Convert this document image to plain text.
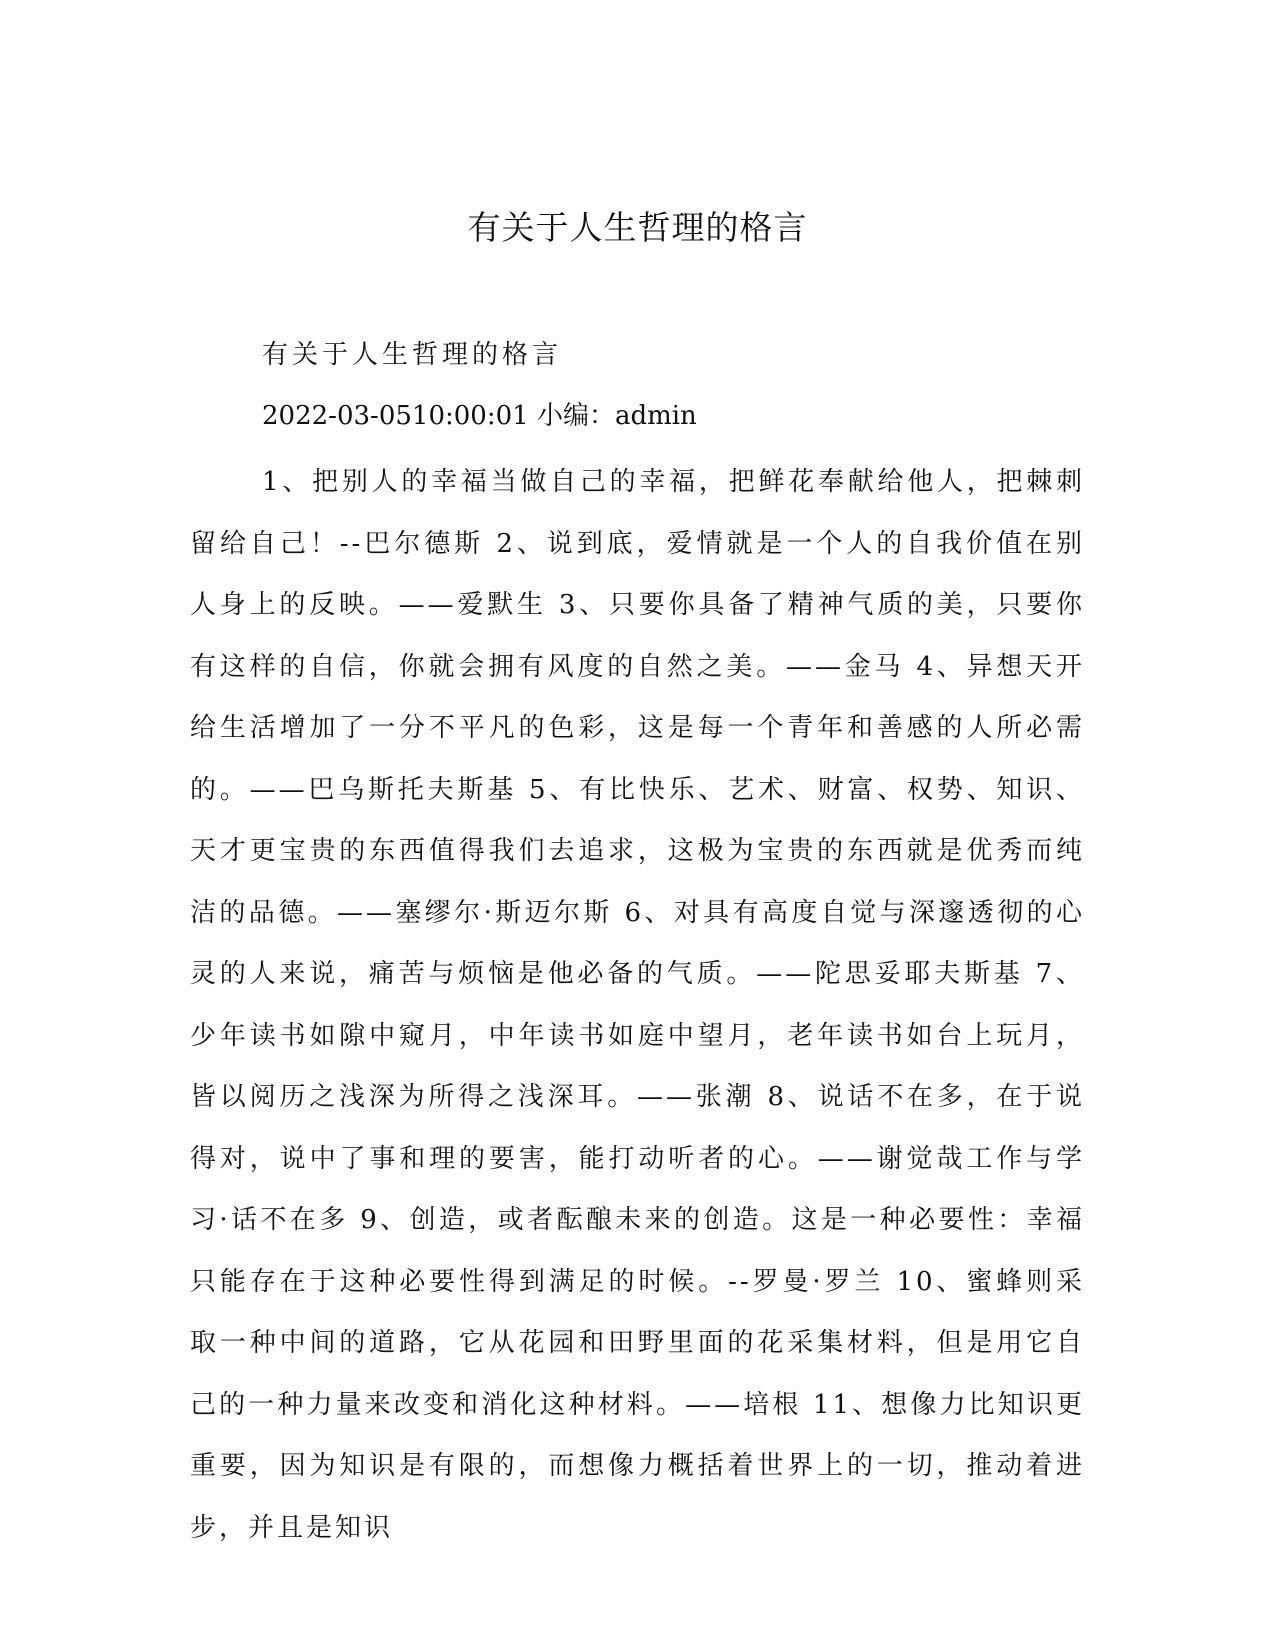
有关于人生哲理的格言
有关于人生哲理的格言
2022-03-0510:00:01 小编：admin

1、把别人的幸福当做自己的幸福，把鲜花奉献给他人，把棘刺留给自己！--巴尔德斯 2、说到底，爱情就是一个人的自我价值在别人身上的反映。——爱默生 3、只要你具备了精神气质的美，只要你有这样的自信，你就会拥有风度的自然之美。——金马 4、异想天开给生活增加了一分不平凡的色彩，这是每一个青年和善感的人所必需的。——巴乌斯托夫斯基 5、有比快乐、艺术、财富、权势、知识、天才更宝贵的东西值得我们去追求，这极为宝贵的东西就是优秀而纯洁的品德。——塞缪尔·斯迈尔斯 6、对具有高度自觉与深邃透彻的心灵的人来说，痛苦与烦恼是他必备的气质。——陀思妥耶夫斯基 7、少年读书如隙中窥月，中年读书如庭中望月，老年读书如台上玩月，皆以阅历之浅深为所得之浅深耳。——张潮 8、说话不在多，在于说得对，说中了事和理的要害，能打动听者的心。——谢觉哉工作与学习·话不在多 9、创造，或者酝酿未来的创造。这是一种必要性：幸福只能存在于这种必要性得到满足的时候。--罗曼·罗兰 10、蜜蜂则采取一种中间的道路，它从花园和田野里面的花采集材料，但是用它自己的一种力量来改变和消化这种材料。——培根 11、想像力比知识更重要，因为知识是有限的，而想像力概括着世界上的一切，推动着进步，并且是知识
